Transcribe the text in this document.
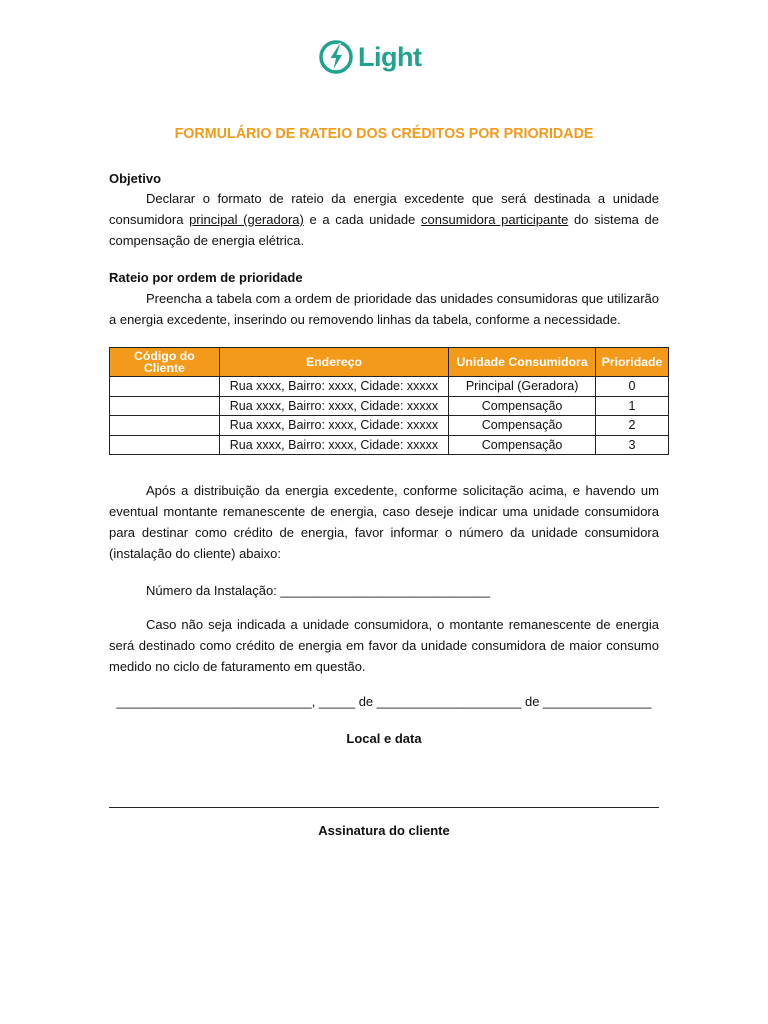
Light
FORMULÁRIO DE RATEIO DOS CRÉDITOS POR PRIORIDADE
Objetivo
Declarar o formato de rateio da energia excedente que será destinada a unidade
consumidora principal (geradora) e a cada unidade consumidora participante do sistema de
compensação de energia elétrica.
Rateio por ordem de prioridade
Preencha a tabela com a ordem de prioridade das unidades consumidoras que utilizarão
a energia excedente, inserindo ou removendo linhas da tabela, conforme a necessidade.
Código do Cliente	Endereço	Unidade Consumidora	Prioridade
	Rua xxxx, Bairro: xxxx, Cidade: xxxxx	Principal (Geradora)	0
	Rua xxxx, Bairro: xxxx, Cidade: xxxxx	Compensação	1
	Rua xxxx, Bairro: xxxx, Cidade: xxxxx	Compensação	2
	Rua xxxx, Bairro: xxxx, Cidade: xxxxx	Compensação	3
Após a distribuição da energia excedente, conforme solicitação acima, e havendo um
eventual montante remanescente de energia, caso deseje indicar uma unidade consumidora
para destinar como crédito de energia, favor informar o número da unidade consumidora
(instalação do cliente) abaixo:
Número da Instalação: _____________________________
Caso não seja indicada a unidade consumidora, o montante remanescente de energia
será destinado como crédito de energia em favor da unidade consumidora de maior consumo
medido no ciclo de faturamento em questão.
___________________________, _____ de ____________________ de _______________
Local e data
Assinatura do cliente
